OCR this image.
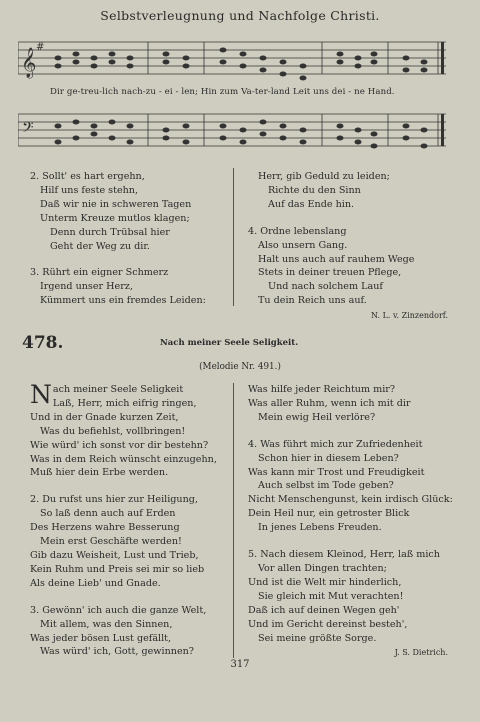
Selbstverleugnung und Nachfolge Christi.
𝄞
#
Dir ge-treu-lich nach-zu - ei - len; Hin zum Va-ter-land Leit uns dei - ne Hand.
𝄢
2. Sollt' es hart ergehn,
Hilf uns feste stehn,
Daß wir nie in schweren Tagen
Unterm Kreuze mutlos klagen;
Denn durch Trübsal hier
Geht der Weg zu dir.
3. Rührt ein eigner Schmerz
Irgend unser Herz,
Kümmert uns ein fremdes Leiden:
Herr, gib Geduld zu leiden;
Richte du den Sinn
Auf das Ende hin.
4. Ordne lebenslang
Also unsern Gang.
Halt uns auch auf rauhem Wege
Stets in deiner treuen Pflege,
Und nach solchem Lauf
Tu dein Reich uns auf.
N. L. v. Zinzendorf.
478.	Nach meiner Seele Seligkeit.
(Melodie Nr. 491.)
N ach meiner Seele Seligkeit
Laß, Herr, mich eifrig ringen,
Und in der Gnade kurzen Zeit,
Was du befiehlst, vollbringen!
Wie würd' ich sonst vor dir bestehn?
Was in dem Reich wünscht einzugehn,
Muß hier dein Erbe werden.
2. Du rufst uns hier zur Heiligung,
So laß denn auch auf Erden
Des Herzens wahre Besserung
Mein erst Geschäfte werden!
Gib dazu Weisheit, Lust und Trieb,
Kein Ruhm und Preis sei mir so lieb
Als deine Lieb' und Gnade.
3. Gewönn' ich auch die ganze Welt,
Mit allem, was den Sinnen,
Was jeder bösen Lust gefällt,
Was würd' ich, Gott, gewinnen?
Was hilfe jeder Reichtum mir?
Was aller Ruhm, wenn ich mit dir
Mein ewig Heil verlöre?
4. Was führt mich zur Zufriedenheit
Schon hier in diesem Leben?
Was kann mir Trost und Freudigkeit
Auch selbst im Tode geben?
Nicht Menschengunst, kein irdisch Glück:
Dein Heil nur, ein getroster Blick
In jenes Lebens Freuden.
5. Nach diesem Kleinod, Herr, laß mich
Vor allen Dingen trachten;
Und ist die Welt mir hinderlich,
Sie gleich mit Mut verachten!
Daß ich auf deinen Wegen geh'
Und im Gericht dereinst besteh',
Sei meine größte Sorge.
J. S. Dietrich.
317
